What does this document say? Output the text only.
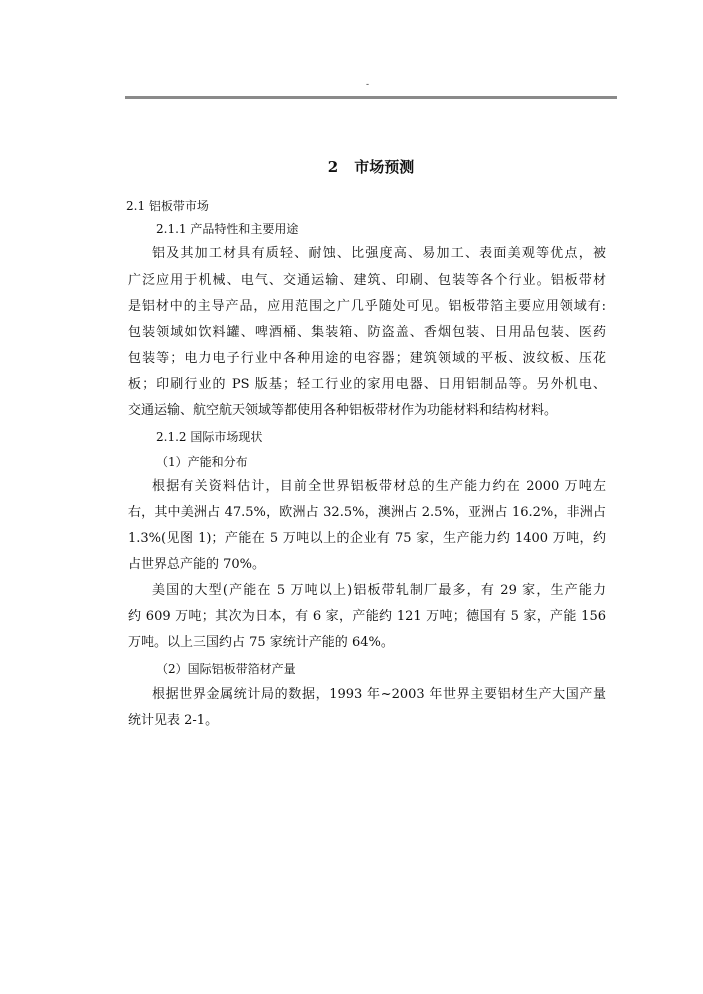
-
2 市场预测
2.1 铝板带市场
2.1.1 产品特性和主要用途
铝及其加工材具有质轻、耐蚀、比强度高、易加工、表面美观等优点，被
广泛应用于机械、电气、交通运输、建筑、印刷、包装等各个行业。铝板带材
是铝材中的主导产品，应用范围之广几乎随处可见。铝板带箔主要应用领域有:
包装领域如饮料罐、啤酒桶、集装箱、防盗盖、香烟包装、日用品包装、医药
包装等；电力电子行业中各种用途的电容器；建筑领域的平板、波纹板、压花
板；印刷行业的 PS 版基；轻工行业的家用电器、日用铝制品等。另外机电、
交通运输、航空航天领域等都使用各种铝板带材作为功能材料和结构材料。
2.1.2 国际市场现状
（1）产能和分布
根据有关资料估计，目前全世界铝板带材总的生产能力约在 2000 万吨左
右，其中美洲占 47.5%，欧洲占 32.5%，澳洲占 2.5%，亚洲占 16.2%，非洲占
1.3%(见图 1)；产能在 5 万吨以上的企业有 75 家，生产能力约 1400 万吨，约
占世界总产能的 70%。
美国的大型(产能在 5 万吨以上)铝板带轧制厂最多，有 29 家，生产能力
约 609 万吨；其次为日本，有 6 家，产能约 121 万吨；德国有 5 家，产能 156
万吨。以上三国约占 75 家统计产能的 64%。
（2）国际铝板带箔材产量
根据世界金属统计局的数据，1993 年~2003 年世界主要铝材生产大国产量
统计见表 2-1。
